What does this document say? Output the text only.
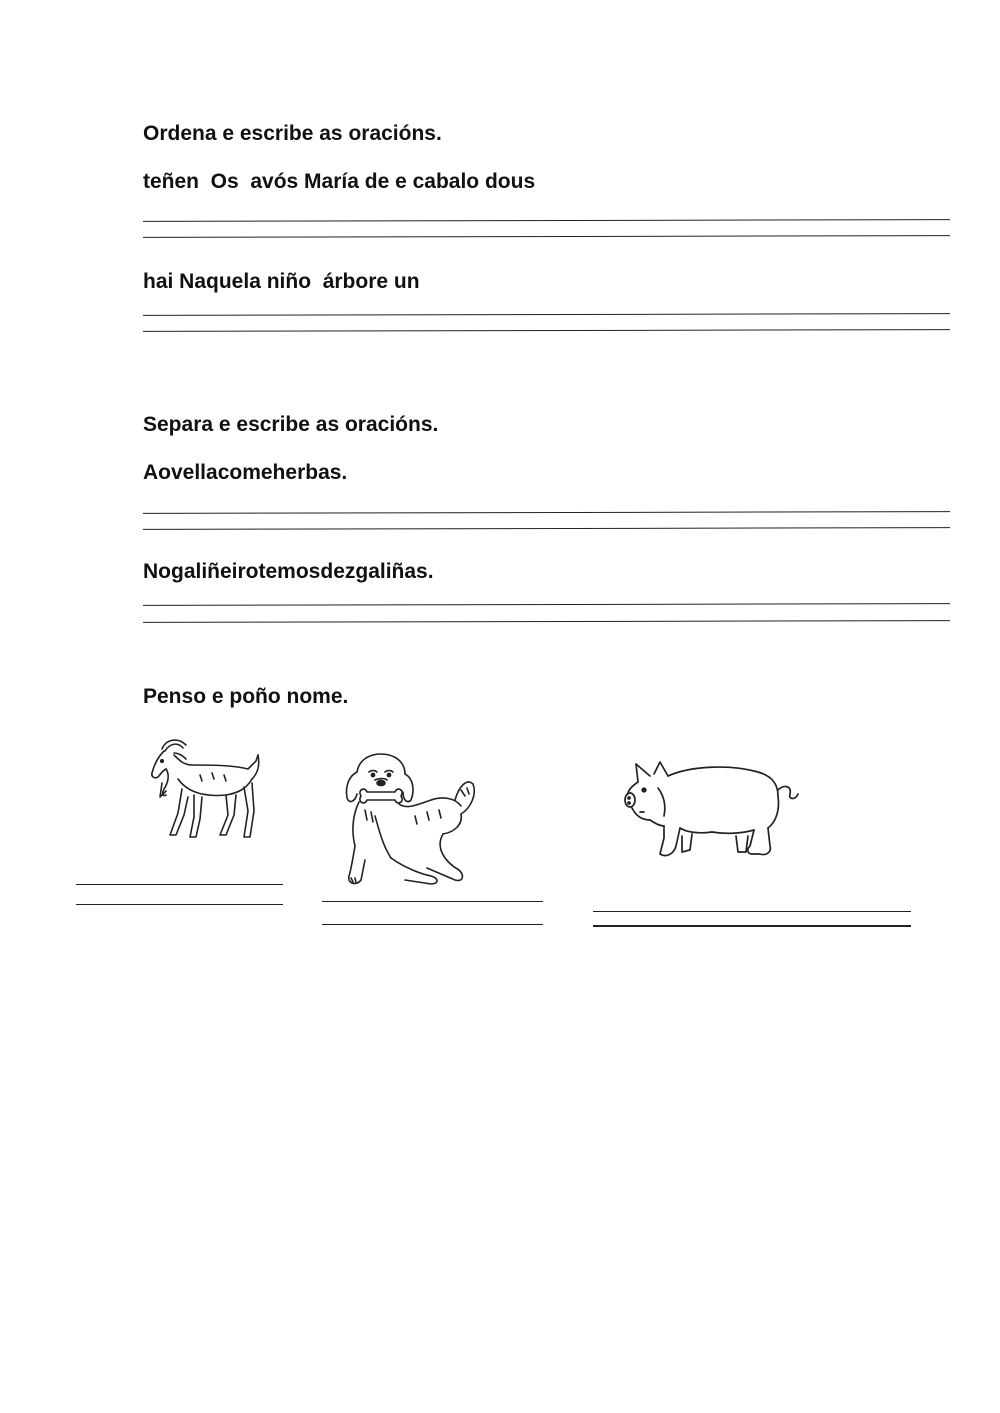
Ordena e escribe as oracións.
teñen  Os  avós María de e cabalo dous
hai Naquela niño  árbore un
Separa e escribe as oracións.
Aovellacomeherbas.
Nogaliñeirotemosdezgaliñas.
Penso e poño nome.
